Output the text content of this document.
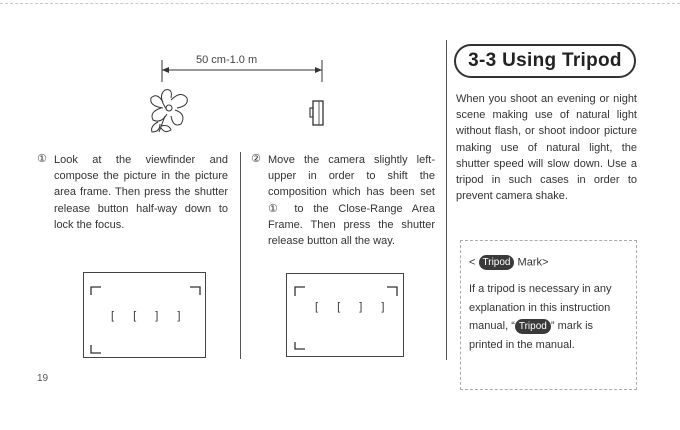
50 cm-1.0 m
① Look at the viewfinder and compose the picture in the picture area frame. Then press the shutter release button half-way down to lock the focus.

② Move the camera slightly left-upper in order to shift the composition which has been set ① to the Close-Range Area Frame. Then press the shutter release button all the way.

[ [ ] ]
[ [ ] ]
3-3 Using Tripod

When you shoot an evening or night scene making use of natural light without flash, or shoot indoor picture making use of natural light, the shutter speed will slow down. Use a tripod in such cases in order to prevent camera shake.

< Tripod Mark>

If a tripod is necessary in any explanation in this instruction manual, “ Tripod ” mark is printed in the manual.

19
